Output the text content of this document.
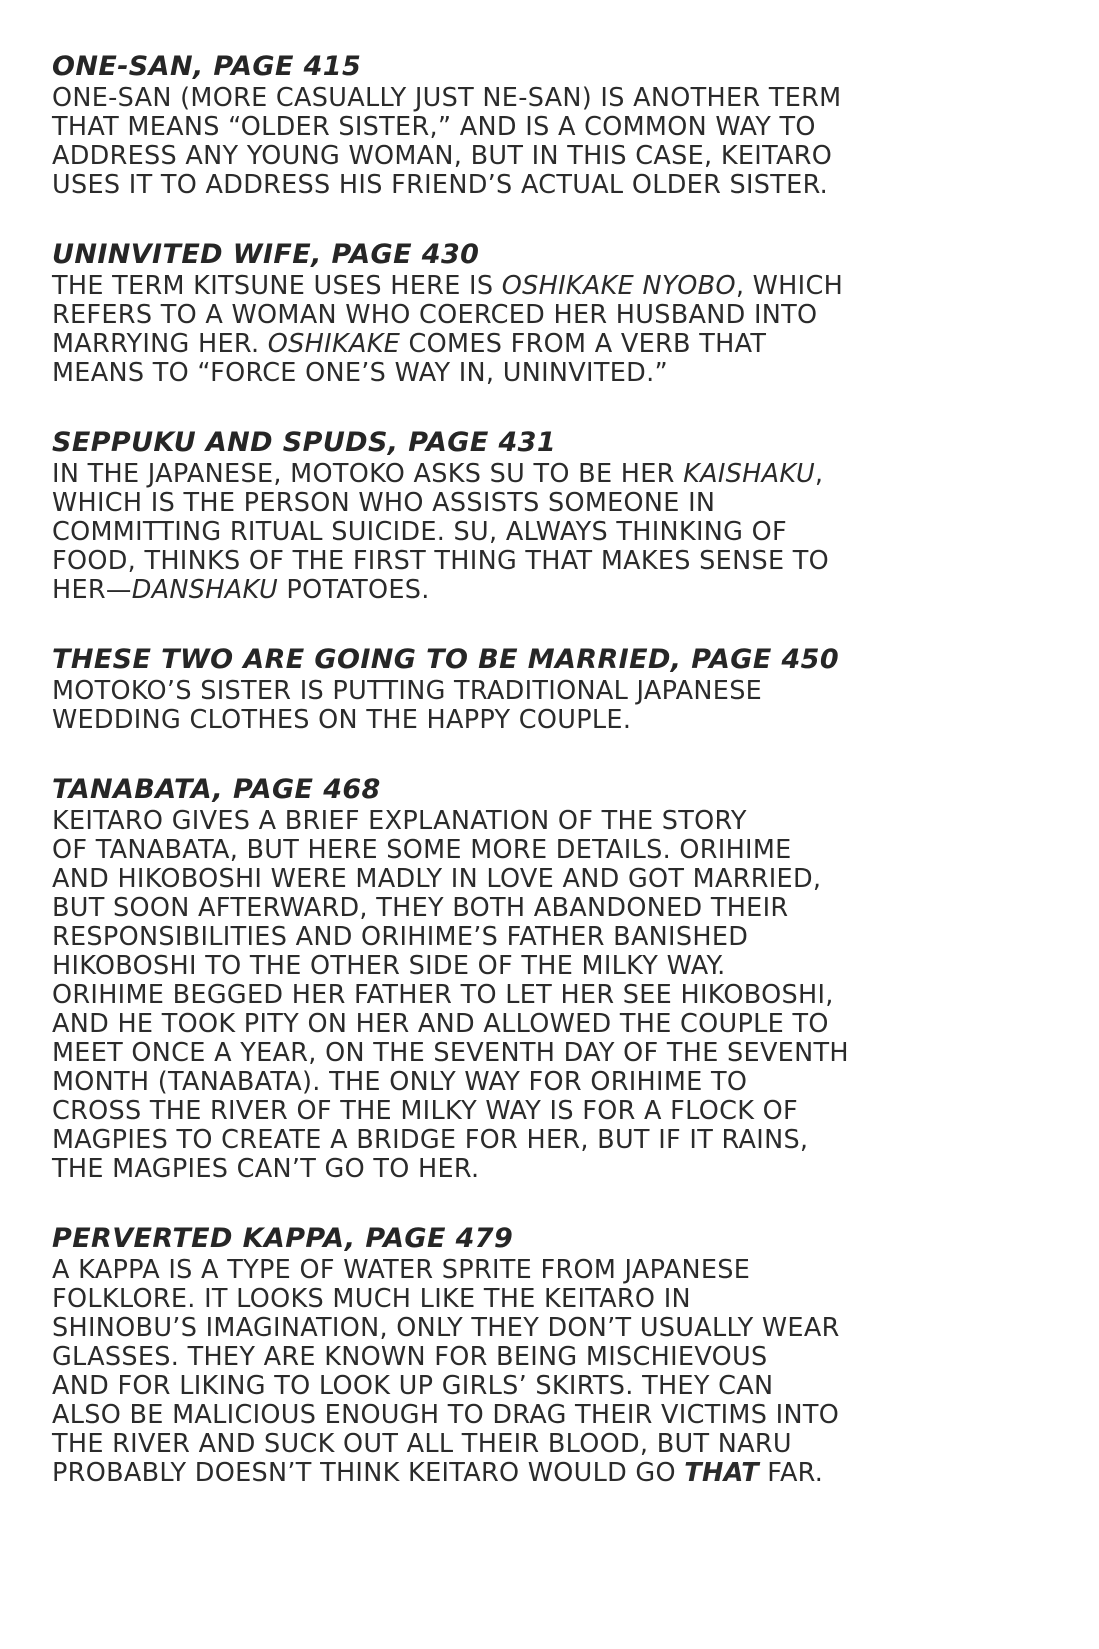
ONE-SAN, PAGE 415
ONE-SAN (MORE CASUALLY JUST NE-SAN) IS ANOTHER TERM
THAT MEANS “OLDER SISTER,” AND IS A COMMON WAY TO
ADDRESS ANY YOUNG WOMAN, BUT IN THIS CASE, KEITARO
USES IT TO ADDRESS HIS FRIEND’S ACTUAL OLDER SISTER.
UNINVITED WIFE, PAGE 430
THE TERM KITSUNE USES HERE IS OSHIKAKE NYOBO, WHICH
REFERS TO A WOMAN WHO COERCED HER HUSBAND INTO
MARRYING HER. OSHIKAKE COMES FROM A VERB THAT
MEANS TO “FORCE ONE’S WAY IN, UNINVITED.”
SEPPUKU AND SPUDS, PAGE 431
IN THE JAPANESE, MOTOKO ASKS SU TO BE HER KAISHAKU,
WHICH IS THE PERSON WHO ASSISTS SOMEONE IN
COMMITTING RITUAL SUICIDE. SU, ALWAYS THINKING OF
FOOD, THINKS OF THE FIRST THING THAT MAKES SENSE TO
HER—DANSHAKU POTATOES.
THESE TWO ARE GOING TO BE MARRIED, PAGE 450
MOTOKO’S SISTER IS PUTTING TRADITIONAL JAPANESE
WEDDING CLOTHES ON THE HAPPY COUPLE.
TANABATA, PAGE 468
KEITARO GIVES A BRIEF EXPLANATION OF THE STORY
OF TANABATA, BUT HERE SOME MORE DETAILS. ORIHIME
AND HIKOBOSHI WERE MADLY IN LOVE AND GOT MARRIED,
BUT SOON AFTERWARD, THEY BOTH ABANDONED THEIR
RESPONSIBILITIES AND ORIHIME’S FATHER BANISHED
HIKOBOSHI TO THE OTHER SIDE OF THE MILKY WAY.
ORIHIME BEGGED HER FATHER TO LET HER SEE HIKOBOSHI,
AND HE TOOK PITY ON HER AND ALLOWED THE COUPLE TO
MEET ONCE A YEAR, ON THE SEVENTH DAY OF THE SEVENTH
MONTH (TANABATA). THE ONLY WAY FOR ORIHIME TO
CROSS THE RIVER OF THE MILKY WAY IS FOR A FLOCK OF
MAGPIES TO CREATE A BRIDGE FOR HER, BUT IF IT RAINS,
THE MAGPIES CAN’T GO TO HER.
PERVERTED KAPPA, PAGE 479
A KAPPA IS A TYPE OF WATER SPRITE FROM JAPANESE
FOLKLORE. IT LOOKS MUCH LIKE THE KEITARO IN
SHINOBU’S IMAGINATION, ONLY THEY DON’T USUALLY WEAR
GLASSES. THEY ARE KNOWN FOR BEING MISCHIEVOUS
AND FOR LIKING TO LOOK UP GIRLS’ SKIRTS. THEY CAN
ALSO BE MALICIOUS ENOUGH TO DRAG THEIR VICTIMS INTO
THE RIVER AND SUCK OUT ALL THEIR BLOOD, BUT NARU
PROBABLY DOESN’T THINK KEITARO WOULD GO THAT FAR.
